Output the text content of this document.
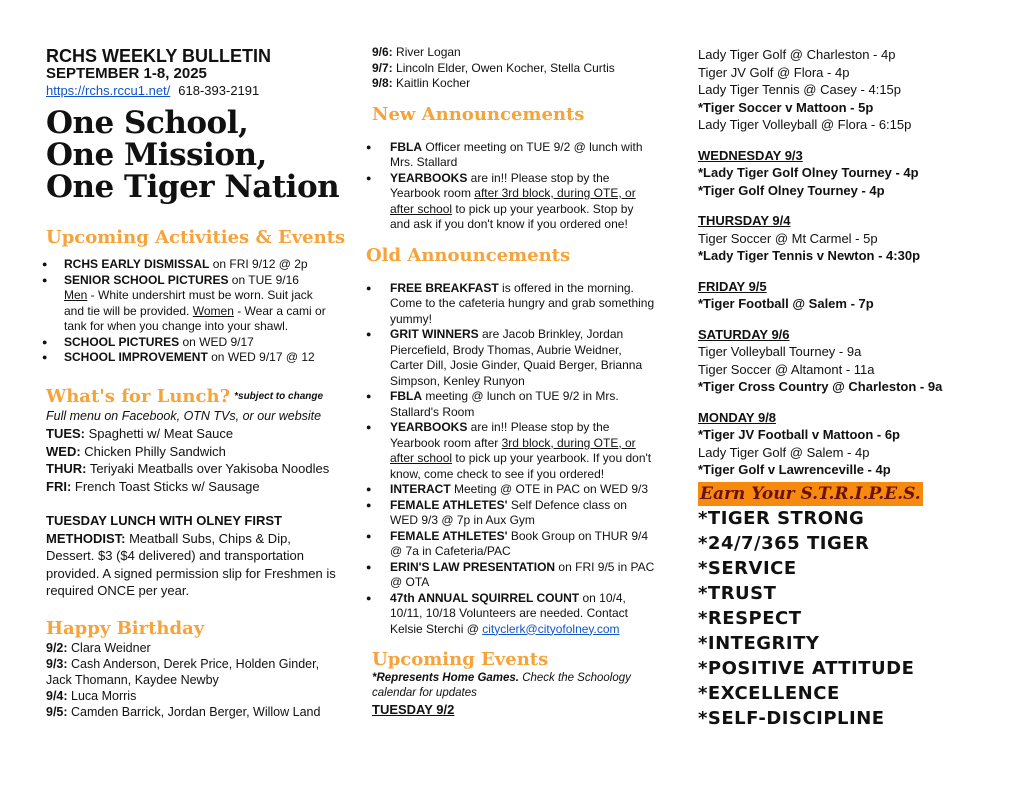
RCHS WEEKLY BULLETIN
SEPTEMBER 1-8, 2025
https://rchs.rccu1.net/ 618-393-2191
One School,
One Mission,
One Tiger Nation
Upcoming Activities & Events
● RCHS EARLY DISMISSAL on FRI 9/12 @ 2p
● SENIOR SCHOOL PICTURES on TUE 9/16
Men - White undershirt must be worn. Suit jack and tie will be provided. Women - Wear a cami or tank for when you change into your shawl.
● SCHOOL PICTURES on WED 9/17
● SCHOOL IMPROVEMENT on WED 9/17 @ 12
What's for Lunch? $^{*subject to change}$
Full menu on Facebook, OTN TVs, or our website
TUES: Spaghetti w/ Meat Sauce
WED: Chicken Philly Sandwich
THUR: Teriyaki Meatballs over Yakisoba Noodles
FRI: French Toast Sticks w/ Sausage
TUESDAY LUNCH WITH OLNEY FIRST METHODIST: Meatball Subs, Chips & Dip, Dessert. $3 ($4 delivered) and transportation provided. A signed permission slip for Freshmen is required ONCE per year.
Happy Birthday
9/2: Clara Weidner
9/3: Cash Anderson, Derek Price, Holden Ginder, Jack Thomann, Kaydee Newby
9/4: Luca Morris
9/5: Camden Barrick, Jordan Berger, Willow Land
9/6: River Logan
9/7: Lincoln Elder, Owen Kocher, Stella Curtis
9/8: Kaitlin Kocher
New Announcements
● FBLA Officer meeting on TUE 9/2 @ lunch with Mrs. Stallard
● YEARBOOKS are in!! Please stop by the Yearbook room after 3rd block, during OTE, or after school to pick up your yearbook. Stop by and ask if you don't know if you ordered one!
Old Announcements
● FREE BREAKFAST is offered in the morning. Come to the cafeteria hungry and grab something yummy!
● GRIT WINNERS are Jacob Brinkley, Jordan Piercefield, Brody Thomas, Aubrie Weidner, Carter Dill, Josie Ginder, Quaid Berger, Brianna Simpson, Kenley Runyon
● FBLA meeting @ lunch on TUE 9/2 in Mrs. Stallard's Room
● YEARBOOKS are in!! Please stop by the Yearbook room after 3rd block, during OTE, or after school to pick up your yearbook. If you don't know, come check to see if you ordered!
● INTERACT Meeting @ OTE in PAC on WED 9/3
● FEMALE ATHLETES' Self Defence class on WED 9/3 @ 7p in Aux Gym
● FEMALE ATHLETES' Book Group on THUR 9/4 @ 7a in Cafeteria/PAC
● ERIN'S LAW PRESENTATION on FRI 9/5 in PAC @ OTA
● 47th ANNUAL SQUIRREL COUNT on 10/4, 10/11, 10/18 Volunteers are needed. Contact Kelsie Sterchi @ cityclerk@cityofolney.com
Upcoming Events
*Represents Home Games. Check the Schoology calendar for updates
TUESDAY 9/2
Lady Tiger Golf @ Charleston - 4p
Tiger JV Golf @ Flora - 4p
Lady Tiger Tennis @ Casey - 4:15p
*Tiger Soccer v Mattoon - 5p
Lady Tiger Volleyball @ Flora - 6:15p
WEDNESDAY 9/3
*Lady Tiger Golf Olney Tourney - 4p
*Tiger Golf Olney Tourney - 4p
THURSDAY 9/4
Tiger Soccer @ Mt Carmel - 5p
*Lady Tiger Tennis v Newton - 4:30p
FRIDAY 9/5
*Tiger Football @ Salem - 7p
SATURDAY 9/6
Tiger Volleyball Tourney - 9a
Tiger Soccer @ Altamont - 11a
*Tiger Cross Country @ Charleston - 9a
MONDAY 9/8
*Tiger JV Football v Mattoon - 6p
Lady Tiger Golf @ Salem - 4p
*Tiger Golf v Lawrenceville - 4p
Earn Your S.T.R.I.P.E.S.
*TIGER STRONG
*24/7/365 TIGER
*SERVICE
*TRUST
*RESPECT
*INTEGRITY
*POSITIVE ATTITUDE
*EXCELLENCE
*SELF-DISCIPLINE
